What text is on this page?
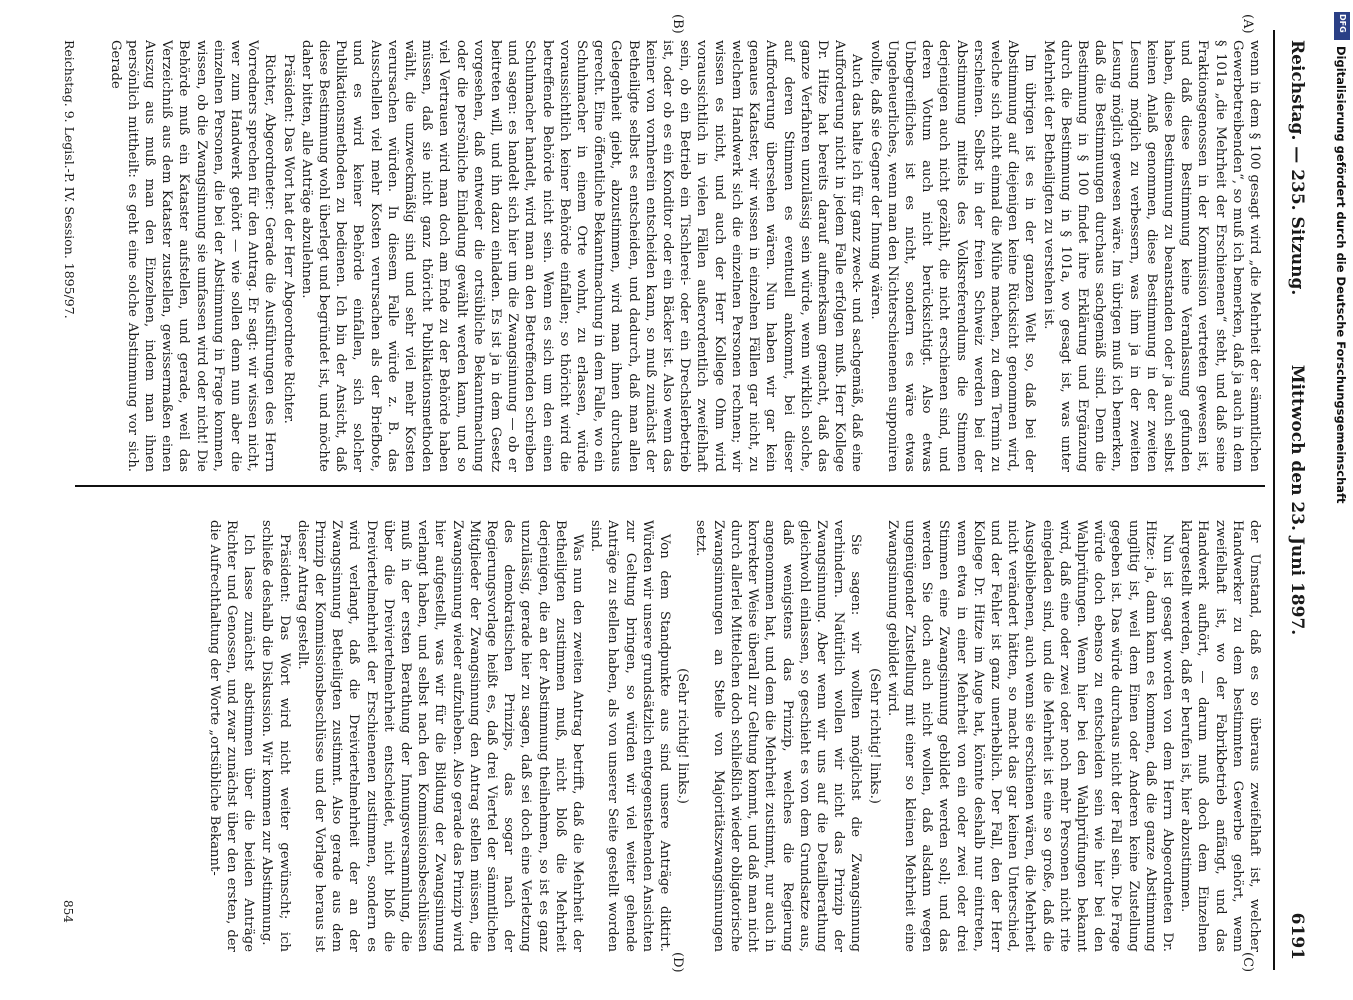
Reichstag. — 235. Sitzung.
Mittwoch den 23. Juni 1897.
6191
(A)
(B)
(C)
(D)

wenn in dem § 100 gesagt wird „die Mehrheit der sämmtlichen Gewerbetreibenden“, so muß ich bemerken, daß ja auch in dem § 101a „die Mehrheit der Erschienenen“ steht, und daß seine Fraktionsgenossen in der Kommission vertreten gewesen ist, und daß diese Bestimmung keine Veranlassung gefunden haben, diese Bestimmung zu beanstanden oder ja auch selbst keinen Anlaß genommen, diese Bestimmung in der zweiten Lesung möglich zu verbessern, was ihm ja in der zweiten Lesung möglich gewesen wäre. Im übrigen muß ich bemerken, daß die Bestimmungen durchaus sachgemäß sind. Denn die Bestimmung in § 100 findet ihre Erklärung und Ergänzung durch die Bestimmung in § 101a, wo gesagt ist, was unter Mehrheit der Betheiligten zu verstehen ist.

Im übrigen ist es in der ganzen Welt so, daß bei der Abstimmung auf diejenigen keine Rücksicht genommen wird, welche sich nicht einmal die Mühe machen, zu dem Termin zu erscheinen. Selbst in der freien Schweiz werden bei der Abstimmung mittels des Volksreferendums die Stimmen derjenigen auch nicht gezählt, die nicht erschienen sind, und deren Votum auch nicht berücksichtigt. Also etwas Unbegreifliches ist es nicht, sondern es wäre etwas Ungeheuerliches, wenn man den Nichterschienenen supponiren wollte, daß sie Gegner der Innung wären.

Auch das halte ich für ganz zweck- und sachgemäß, daß eine Aufforderung nicht in jedem Falle erfolgen muß. Herr Kollege Dr. Hitze hat bereits darauf aufmerksam gemacht, daß das ganze Verfahren unzulässig sein würde, wenn wirklich solche, auf deren Stimmen es eventuell ankommt, bei dieser Aufforderung übersehen wären. Nun haben wir gar kein genaues Kataster, wir wissen in einzelnen Fällen gar nicht, zu welchem Handwerk sich die einzelnen Personen rechnen; wir wissen es nicht, und auch der Herr Kollege Ohm wird voraussichtlich in vielen Fällen außerordentlich zweifelhaft sein, ob ein Betrieb ein Tischlerei- oder ein Drechslerbetrieb ist, oder ob es ein Konditor oder ein Bäcker ist. Also wenn das keiner von vornherein entscheiden kann, so muß zunächst der Betheiligte selbst es entscheiden, und dadurch, daß man allen Gelegenheit giebt, abzustimmen, wird man ihnen durchaus gerecht. Eine öffentliche Bekanntmachung in dem Falle, wo ein Schuhmacher in einem Orte wohnt, zu erlassen, würde voraussichtlich keiner Behörde einfallen; so thöricht wird die betreffende Behörde nicht sein. Wenn es sich um den einen Schuhmacher handelt, wird man an den Betreffenden schreiben und sagen: es handelt sich hier um die Zwangsinnung — ob er beitreten will, und ihn dazu einladen. Es ist ja in dem Gesetz vorgesehen, daß entweder die ortsübliche Bekanntmachung oder die persönliche Einladung gewählt werden kann, und so viel Vertrauen wird man doch am Ende zu der Behörde haben müssen, daß sie nicht ganz thöricht Publikationsmethoden wählt, die unzweckmäßig sind und sehr viel mehr Kosten verursachen würden. In diesem Falle würde z. B. das Ausschellen viel mehr Kosten verursachen als der Briefbote, und es wird keiner Behörde einfallen, sich solcher Publikationsmethoden zu bedienen. Ich bin der Ansicht, daß diese Bestimmung wohl überlegt und begründet ist, und möchte daher bitten, alle Anträge abzulehnen.

Präsident: Das Wort hat der Herr Abgeordnete Richter.

Richter, Abgeordneter: Gerade die Ausführungen des Herrn Vorredners sprechen für den Antrag. Er sagt: wir wissen nicht, wer zum Handwerk gehört — wie sollen denn nun aber die einzelnen Personen, die bei der Abstimmung in Frage kommen, wissen, ob die Zwangsinnung sie umfassen wird oder nicht! Die Behörde muß ein Kataster aufstellen, und gerade, weil das Verzeichniß aus dem Kataster zustellen, gewissermaßen einen Auszug aus muß man den Einzelnen, indem man ihnen persönlich mittheilt: es geht eine solche Abstimmung vor sich. Gerade

der Umstand, daß es so überaus zweifelhaft ist, welcher Handwerker zu dem bestimmten Gewerbe gehört, wenn zweifelhaft ist, wo der Fabrikbetrieb anfängt, und das Handwerk aufhört, — darum muß doch dem Einzelnen klargestellt werden, daß er berufen ist, hier abzustimmen.

Nun ist gesagt worden von dem Herrn Abgeordneten Dr. Hitze: ja, dann kann es kommen, daß die ganze Abstimmung ungiltig ist, weil dem Einen oder Anderen keine Zustellung gegeben ist. Das würde durchaus nicht der Fall sein. Die Frage würde doch ebenso zu entscheiden sein wie hier bei den Wahlprüfungen. Wenn hier bei den Wahlprüfungen bekannt wird, daß eine oder zwei oder noch mehr Personen nicht rite eingeladen sind, und die Mehrheit ist eine so große, daß die Ausgebliebenen, auch wenn sie erschienen wären, die Mehrheit nicht verändert hätten, so macht das gar keinen Unterschied, und der Fehler ist ganz unerheblich. Der Fall, den der Herr Kollege Dr. Hitze im Auge hat, könnte deshalb nur eintreten, wenn etwa in einer Mehrheit von ein oder zwei oder drei Stimmen eine Zwangsinnung gebildet werden soll; und das werden Sie doch auch nicht wollen, daß alsdann wegen ungenügender Zustellung mit einer so kleinen Mehrheit eine Zwangsinnung gebildet wird.

(Sehr richtig! links.)

Sie sagen: wir wollten möglichst die Zwangsinnung verhindern. Natürlich wollen wir nicht das Prinzip der Zwangsinnung. Aber wenn wir uns auf die Detailberathung gleichwohl einlassen, so geschieht es von dem Grundsatze aus, daß wenigstens das Prinzip, welches die Regierung angenommen hat, und dem die Mehrheit zustimmt, nur auch in korrekter Weise überall zur Geltung kommt, und daß man nicht durch allerlei Mittelchen doch schließlich wieder obligatorische Zwangsinnungen an Stelle von Majoritätszwangsinnungen setzt.

(Sehr richtig! links.)

Von dem Standpunkte aus sind unsere Anträge diktirt. Würden wir unsere grundsätzlich entgegenstehenden Ansichten zur Geltung bringen, so würden wir viel weiter gehende Anträge zu stellen haben, als von unserer Seite gestellt worden sind.

Was nun den zweiten Antrag betrifft, daß die Mehrheit der Betheiligten zustimmen muß, nicht bloß die Mehrheit derjenigen, die an der Abstimmung theilnehmen, so ist es ganz unzulässig, gerade hier zu sagen, daß sei doch eine Verletzung des demokratischen Prinzips, das sogar nach der Regierungsvorlage heißt es, daß drei Viertel der sämmtlichen Mitglieder der Zwangsinnung den Antrag stellen müssen, die Zwangsinnung wieder aufzuheben. Also gerade das Prinzip wird hier aufgestellt, was wir für die Bildung der Zwangsinnung verlangt haben, und selbst nach den Kommissionsbeschlüssen muß in der ersten Berathung der Innungsversammlung, die über die Dreiviertelmehrheit entscheidet, nicht bloß die Dreiviertelmehrheit der Erschienenen zustimmen, sondern es wird verlangt, daß die Dreiviertelmehrheit der an der Zwangsinnung Betheiligten zustimmt. Also gerade aus dem Prinzip der Kommissionsbeschlüsse und der Vorlage heraus ist dieser Antrag gestellt.

Präsident: Das Wort wird nicht weiter gewünscht; ich schließe deshalb die Diskussion. Wir kommen zur Abstimmung.

Ich lasse zunächst abstimmen über die beiden Anträge Richter und Genossen, und zwar zunächst über den ersten, der die Aufrechthaltung der Worte „ortsübliche Bekannt-

Reichstag. 9. Legisl.-P. IV. Session. 1895/97.
854
DFG
Digitalisierung gefördert durch die Deutsche Forschungsgemeinschaft
